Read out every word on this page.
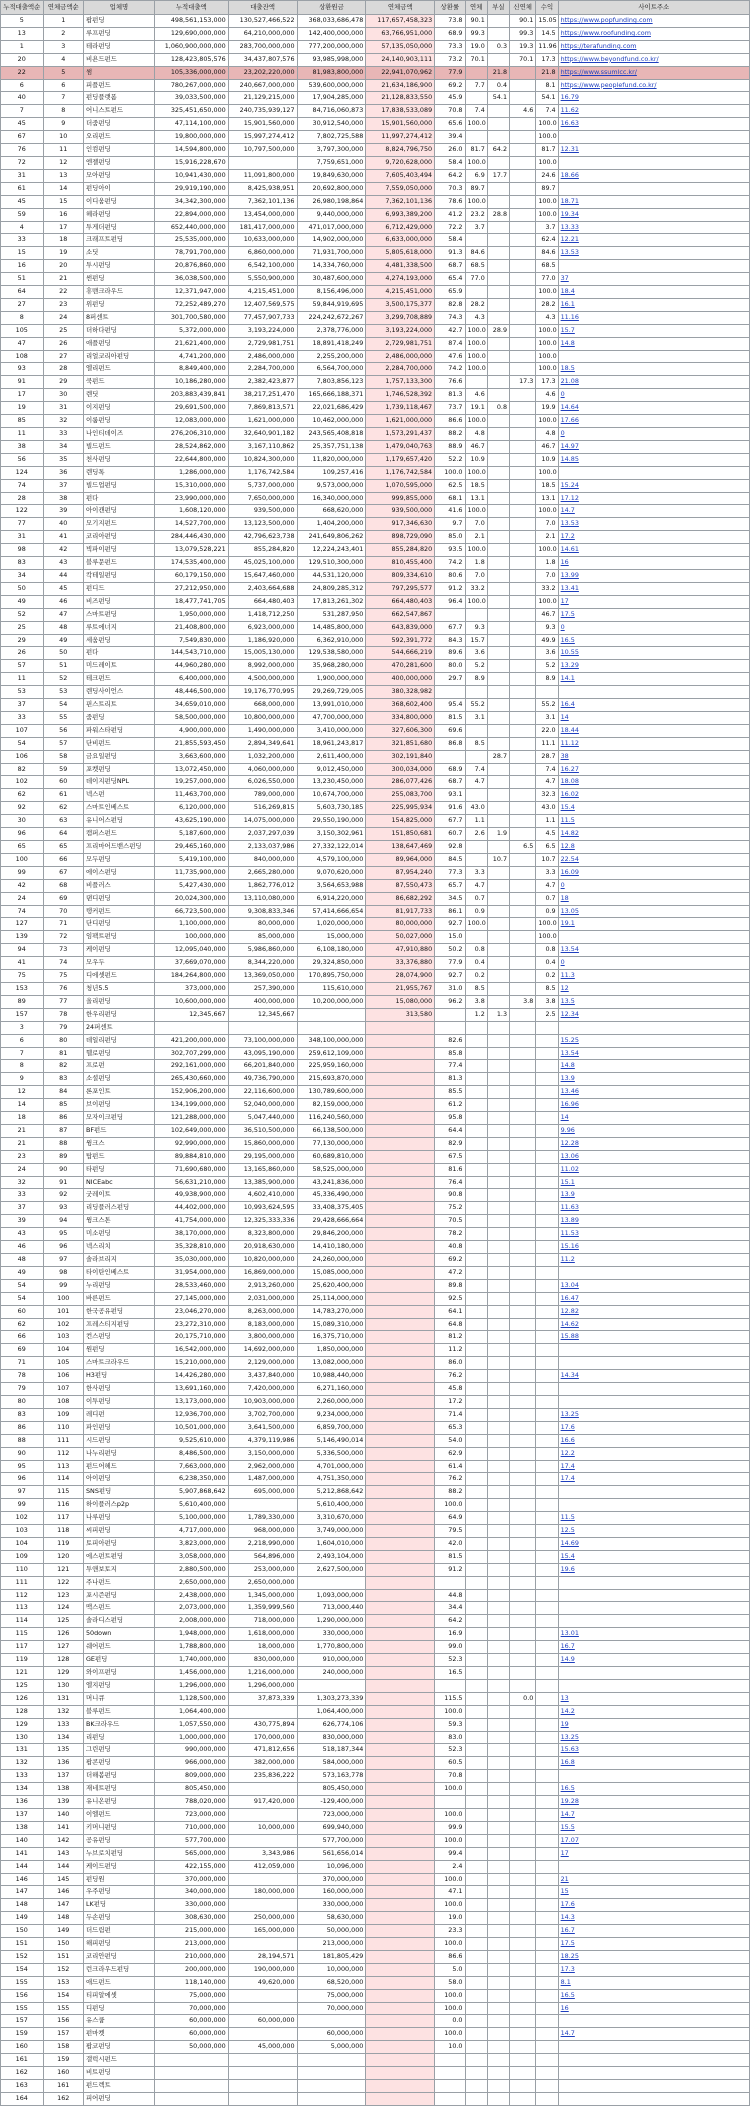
누적대출액순	연체금액순	업체명	누적대출액	대출잔액	상환원금	연체금액	상환률	연체	부실	신연체	수익	사이트주소
5	1	팝펀딩	498,561,153,000	130,527,466,522	368,033,686,478	117,657,458,323	73.8	90.1		90.1	15.05	https://www.popfunding.com
13	2	루프펀딩	129,690,000,000	64,210,000,000	142,400,000,000	63,766,951,000	68.9	99.3		99.3	14.5	https://www.roofunding.com
1	3	테라펀딩	1,060,900,000,000	283,700,000,000	777,200,000,000	57,135,050,000	73.3	19.0	0.3	19.3	11.96	https://terafunding.com
20	4	비욘드펀드	128,423,805,576	34,437,807,576	93,985,998,000	24,140,903,111	73.2	70.1		70.1	17.3	https://www.beyondfund.co.kr/
22	5	썸	105,336,000,000	23,202,220,000	81,983,800,000	22,941,070,962	77.9		21.8		21.8	https://www.ssumlcc.kr/
6	6	피플펀드	780,267,000,000	240,667,000,000	539,600,000,000	21,634,186,900	69.2	7.7	0.4		8.1	https://www.peoplefund.co.kr/
40	7	펀딩플랫폼	39,033,500,000	21,129,215,000	17,904,285,000	21,128,833,550	45.9		54.1		54.1	16.79
7	8	어니스트펀드	325,451,650,000	240,735,939,127	84,716,060,873	17,838,533,089	70.8	7.4		4.6	7.4	11.62
45	9	더줌펀딩	47,114,100,000	15,901,560,000	30,912,540,000	15,901,560,000	65.6	100.0			100.0	16.63
67	10	오리펀드	19,800,000,000	15,997,274,412	7,802,725,588	11,997,274,412	39.4				100.0	
76	11	인컴펀딩	14,594,800,000	10,797,500,000	3,797,300,000	8,824,796,750	26.0	81.7	64.2		81.7	12.31
72	12	엔젤펀딩	15,916,228,670		7,759,651,000	9,720,628,000	58.4	100.0			100.0	
31	13	모아펀딩	10,941,430,000	11,091,800,000	19,849,630,000	7,605,403,494	64.2	6.9	17.7		24.6	18.66
61	14	펀딩아이	29,919,190,000	8,425,938,951	20,692,800,000	7,559,050,000	70.3	89.7			89.7	
45	15	이디움펀딩	34,342,300,000	7,362,101,136	26,980,198,864	7,362,101,136	78.6	100.0			100.0	18.71
59	16	헤라펀딩	22,894,000,000	13,454,000,000	9,440,000,000	6,993,389,200	41.2	23.2	28.8		100.0	19.34
4	17	투게더펀딩	652,440,000,000	181,417,000,000	471,017,000,000	6,712,429,000	72.2	3.7			3.7	13.33
33	18	크래프트펀딩	25,535,000,000	10,633,000,000	14,902,000,000	6,633,000,000	58.4				62.4	12.21
15	19	소딧	78,791,700,000	6,860,000,000	71,931,700,000	5,805,618,000	91.3	84.6			84.6	13.53
16	20	투시펀딩	20,876,860,000	6,542,100,000	14,334,760,000	4,481,338,500	68.7	68.5			68.5	
51	21	썬펀딩	36,038,500,000	5,550,900,000	30,487,600,000	4,274,193,000	65.4	77.0			77.0	37
64	22	휴맨크라우드	12,371,947,000	4,215,451,000	8,156,496,000	4,215,451,000	65.9				100.0	18.4
27	23	위펀딩	72,252,489,270	12,407,569,575	59,844,919,695	3,500,175,377	82.8	28.2			28.2	16.1
8	24	8퍼센트	301,700,580,000	77,457,907,733	224,242,672,267	3,299,708,889	74.3	4.3			4.3	11.16
105	25	더하다펀딩	5,372,000,000	3,193,224,000	2,378,776,000	3,193,224,000	42.7	100.0	28.9		100.0	15.7
47	26	애플펀딩	21,621,400,000	2,729,981,751	18,891,418,249	2,729,981,751	87.4	100.0			100.0	14.8
108	27	리얼코리아펀딩	4,741,200,000	2,486,000,000	2,255,200,000	2,486,000,000	47.6	100.0			100.0	
93	28	엘리펀드	8,849,400,000	2,284,700,000	6,564,700,000	2,284,700,000	74.2	100.0			100.0	18.5
91	29	쿡펀드	10,186,280,000	2,382,423,877	7,803,856,123	1,757,133,300	76.6			17.3	17.3	21.08
17	30	렌딧	203,883,439,841	38,217,251,470	165,666,188,371	1,746,528,392	81.3	4.6			4.6	0
19	31	이지펀딩	29,691,500,000	7,869,813,571	22,021,686,429	1,739,118,467	73.7	19.1	0.8		19.9	14.64
85	32	이룸펀딩	12,083,000,000	1,621,000,000	10,462,000,000	1,621,000,000	86.6	100.0			100.0	17.66
11	33	나인티데이즈	276,206,310,000	32,640,901,182	243,565,408,818	1,573,291,437	88.2	4.8			4.8	0
38	34	빌드펀드	28,524,862,000	3,167,110,862	25,357,751,138	1,479,040,763	88.9	46.7			46.7	14.97
56	35	천사펀딩	22,644,800,000	10,824,300,000	11,820,000,000	1,179,657,420	52.2	10.9			10.9	14.85
124	36	렌딩톡	1,286,000,000	1,176,742,584	109,257,416	1,176,742,584	100.0	100.0			100.0	
74	37	빌드업펀딩	15,310,000,000	5,737,000,000	9,573,000,000	1,070,595,000	62.5	18.5			18.5	15.24
28	38	펀다	23,990,000,000	7,650,000,000	16,340,000,000	999,855,000	68.1	13.1			13.1	17.12
122	39	아이캔펀딩	1,608,120,000	939,500,000	668,620,000	939,500,000	41.6	100.0			100.0	14.7
77	40	모기지펀드	14,527,700,000	13,123,500,000	1,404,200,000	917,346,630	9.7	7.0			7.0	13.53
31	41	코리아펀딩	284,446,430,000	42,796,623,738	241,649,806,262	898,729,090	85.0	2.1			2.1	17.2
98	42	빅파이펀딩	13,079,528,221	855,284,820	12,224,243,401	855,284,820	93.5	100.0			100.0	14.61
83	43	블루문펀드	174,535,400,000	45,025,100,000	129,510,300,000	810,455,400	74.2	1.8			1.8	16
34	44	칵테일펀딩	60,179,150,000	15,647,460,000	44,531,120,000	809,334,610	80.6	7.0			7.0	13.99
50	45	펀디드	27,212,950,000	2,403,664,688	24,809,285,312	797,295,577	91.2	33.2			33.2	13.41
49	46	비즈펀딩	18,477,741,705	664,480,403	17,813,261,302	664,480,403	96.4	100.0			100.0	17
52	47	스마트펀딩	1,950,000,000	1,418,712,250	531,287,950	662,547,867					46.7	17.5
25	48	루트에너지	21,408,800,000	6,923,000,000	14,485,800,000	643,839,000	67.7	9.3			9.3	0
29	49	세움펀딩	7,549,830,000	1,186,920,000	6,362,910,000	592,391,772	84.3	15.7			49.9	16.5
26	50	펀다	144,543,710,000	15,005,130,000	129,538,580,000	544,666,219	89.6	3.6			3.6	10.55
57	51	미드레이트	44,960,280,000	8,992,000,000	35,968,280,000	470,281,600	80.0	5.2			5.2	13.29
11	52	테크펀드	6,400,000,000	4,500,000,000	1,900,000,000	400,000,000	29.7	8.9			8.9	14.1
53	53	렌딩사이언스	48,446,500,000	19,176,770,995	29,269,729,005	380,328,982						
37	54	핀스트리트	34,659,010,000	668,000,000	13,991,010,000	368,602,400	95.4	55.2			55.2	16.4
33	55	줌펀딩	58,500,000,000	10,800,000,000	47,700,000,000	334,800,000	81.5	3.1			3.1	14
107	56	파워스타펀딩	4,900,000,000	1,490,000,000	3,410,000,000	327,606,300	69.6				22.0	18.44
54	57	단비펀드	21,855,593,450	2,894,349,641	18,961,243,817	321,851,680	86.8	8.5			11.1	11.12
106	58	금요일펀딩	3,663,600,000	1,032,200,000	2,611,400,000	302,191,840			28.7		28.7	38
82	59	포켓펀딩	13,072,450,000	4,060,000,000	9,012,450,000	300,034,000	68.9	7.4			7.4	16.27
102	60	데이지펀딩NPL	19,257,000,000	6,026,550,000	13,230,450,000	286,077,426	68.7	4.7			4.7	18.08
62	61	넥스펀	11,463,700,000	789,000,000	10,674,700,000	255,083,700	93.1				32.3	16.02
92	62	스마트인베스트	6,120,000,000	516,269,815	5,603,730,185	225,995,934	91.6	43.0			43.0	15.4
30	63	유니어스펀딩	43,625,190,000	14,075,000,000	29,550,190,000	154,825,000	67.7	1.1			1.1	11.5
96	64	캠퍼스펀드	5,187,600,000	2,037,297,039	3,150,302,961	151,850,681	60.7	2.6	1.9		4.5	14.82
65	65	프리마어드밴스펀딩	29,465,160,000	2,133,037,986	27,332,122,014	138,647,469	92.8			6.5	6.5	12.8
100	66	모두펀딩	5,419,100,000	840,000,000	4,579,100,000	89,964,000	84.5		10.7		10.7	22.54
99	67	에이스펀딩	11,735,900,000	2,665,280,000	9,070,620,000	87,954,240	77.3	3.3			3.3	16.09
42	68	비플러스	5,427,430,000	1,862,776,012	3,564,653,988	87,550,473	65.7	4.7			4.7	0
24	69	댄디펀딩	20,024,300,000	13,110,080,000	6,914,220,000	86,682,292	34.5	0.7			0.7	18
74	70	탱커펀드	66,723,500,000	9,308,833,346	57,414,666,654	81,917,733	86.1	0.9			0.9	13.05
127	71	단디펀딩	1,100,000,000	80,000,000	1,020,000,000	80,000,000	92.7	100.0			100.0	19.1
139	72	임팩트펀딩	100,000,000	85,000,000	15,000,000	50,027,000	15.0				100.0	
94	73	케이펀딩	12,095,040,000	5,986,860,000	6,108,180,000	47,910,880	50.2	0.8			0.8	13.54
41	74	모우두	37,669,070,000	8,344,220,000	29,324,850,000	33,376,880	77.9	0.4			0.4	0
75	75	디에셋펀드	184,264,800,000	13,369,050,000	170,895,750,000	28,074,900	92.7	0.2			0.2	11.3
153	76	청년5.5	373,000,000	257,390,000	115,610,000	21,955,767	31.0	8.5			8.5	12
89	77	올리펀딩	10,600,000,000	400,000,000	10,200,000,000	15,080,000	96.2	3.8		3.8	3.8	13.5
157	78	한우리펀딩	12,345,667	12,345,667		313,580		1.2	1.3		2.5	12.34
3	79	24퍼센트										
6	80	데일리펀딩	421,200,000,000	73,100,000,000	348,100,000,000		82.6					15.25
7	81	헬로펀딩	302,707,299,000	43,095,190,000	259,612,109,000		85.8					13.54
8	82	프로펀	292,161,000,000	66,201,840,000	225,959,160,000		77.4					14.8
9	83	소셜펀딩	265,430,660,000	49,736,790,000	215,693,870,000		81.3					13.9
12	84	론포인트	152,906,200,000	22,116,600,000	130,789,600,000		85.5					13.46
14	85	브이펀딩	134,199,000,000	52,040,000,000	82,159,000,000		61.2					16.96
18	86	모자이크펀딩	121,288,000,000	5,047,440,000	116,240,560,000		95.8					14
21	87	BF펀드	102,649,000,000	36,510,500,000	66,138,500,000		64.4					9.96
21	88	윙크스	92,990,000,000	15,860,000,000	77,130,000,000		82.9					12.28
23	89	탑펀드	89,884,810,000	29,195,000,000	60,689,810,000		67.5					13.06
24	90	타펀딩	71,690,680,000	13,165,860,000	58,525,000,000		81.6					11.02
32	91	NICEabc	56,631,210,000	13,385,900,000	43,241,836,000		76.4					15.1
33	92	굿레이트	49,938,900,000	4,602,410,000	45,336,490,000		90.8					13.9
37	93	리딩플러스펀딩	44,402,000,000	10,993,624,595	33,408,375,405		75.2					11.63
39	94	윙크스톤	41,754,000,000	12,325,333,336	29,428,666,664		70.5					13.89
43	95	미소펀딩	38,170,000,000	8,323,800,000	29,846,200,000		78.2					11.53
46	96	넥스리치	35,328,810,000	20,918,630,000	14,410,180,000		40.8					15.16
48	97	솔라브리지	35,030,000,000	10,820,000,000	24,260,000,000		69.2					11.2
49	98	타이탄인베스트	31,954,000,000	16,869,000,000	15,085,000,000		47.2					
54	99	누리펀딩	28,533,460,000	2,913,260,000	25,620,400,000		89.8					13.04
54	100	바른펀드	27,145,000,000	2,031,000,000	25,114,000,000		92.5					16.47
60	101	한국공유펀딩	23,046,270,000	8,263,000,000	14,783,270,000		64.1					12.82
62	102	프레스티지펀딩	23,272,310,000	8,183,000,000	15,089,310,000		64.8					14.62
66	103	컨스펀딩	20,175,710,000	3,800,000,000	16,375,710,000		81.2					15.88
69	104	원펀딩	16,542,000,000	14,692,000,000	1,850,000,000		11.2					
71	105	스마트크라우드	15,210,000,000	2,129,000,000	13,082,000,000		86.0					
78	106	H3펀딩	14,426,280,000	3,437,840,000	10,988,440,000		76.2					14.34
79	107	한사펀딩	13,691,160,000	7,420,000,000	6,271,160,000		45.8					
80	108	이투펀딩	13,173,000,000	10,903,000,000	2,260,000,000		17.2					
83	109	레디펀	12,936,700,000	3,702,700,000	9,234,000,000		71.4					13.25
86	110	파인펀딩	10,501,000,000	3,641,500,000	6,859,700,000		65.3					17.6
88	111	시드펀딩	9,525,610,000	4,379,119,986	5,146,490,014		54.0					16.6
90	112	나누리펀딩	8,486,500,000	3,150,000,000	5,336,500,000		62.9					12.2
95	113	펀드어헤드	7,663,000,000	2,962,000,000	4,701,000,000		61.4					17.4
96	114	아이펀딩	6,238,350,000	1,487,000,000	4,751,350,000		76.2					17.4
97	115	SNS펀딩	5,907,868,642	695,000,000	5,212,868,642		88.2					
99	116	하이플러스p2p	5,610,400,000		5,610,400,000		100.0					
102	117	나루펀딩	5,100,000,000	1,789,330,000	3,310,670,000		64.9					11.5
103	118	씨피펀딩	4,717,000,000	968,000,000	3,749,000,000		79.5					12.5
104	119	토피아펀딩	3,823,000,000	2,218,990,000	1,604,010,000		42.0					14.69
109	120	에스펀트펀딩	3,058,000,000	564,896,000	2,493,104,000		81.5					15.4
110	121	투앤보토지	2,880,500,000	253,000,000	2,627,500,000		91.2					19.6
111	122	주나펀드	2,650,000,000	2,650,000,000								
112	123	포시즌펀딩	2,438,000,000	1,345,000,000	1,093,000,000		44.8					
113	124	맥스펀드	2,073,000,000	1,359,999,560	713,000,440		34.4					
114	125	솔라디스펀딩	2,008,000,000	718,000,000	1,290,000,000		64.2					
115	126	50down	1,948,000,000	1,618,000,000	330,000,000		16.9					13.01
117	127	쉐어펀드	1,788,800,000	18,000,000	1,770,800,000		99.0					16.7
119	128	GE펀딩	1,740,000,000	830,000,000	910,000,000		52.3					14.9
121	129	와이프펀딩	1,456,000,000	1,216,000,000	240,000,000		16.5					
125	130	엘지펀딩	1,296,000,000	1,296,000,000								
126	131	머니큐	1,128,500,000	37,873,339	1,303,273,339		115.5			0.0		13
128	132	블루펀드	1,064,400,000		1,064,400,000		100.0					14.2
129	133	BK크라우드	1,057,550,000	430,775,894	626,774,106		59.3					19
130	134	리펀딩	1,000,000,000	170,000,000	830,000,000		83.0					13.25
131	135	그린펀딩	990,000,000	471,812,656	518,187,344		52.3					15.63
132	136	팝콘펀딩	966,000,000	382,000,000	584,000,000		60.5					16.8
133	137	더해봄펀딩	809,000,000	235,836,222	573,163,778		70.8					
134	138	재네트펀딩	805,450,000		805,450,000		100.0					16.5
136	139	유니온펀딩	788,020,000	917,420,000	-129,400,000							19.28
137	140	이엘펀드	723,000,000		723,000,000		100.0					14.7
138	141	키머니펀딩	710,000,000	10,000,000	699,940,000		99.9					15.5
140	142	공유펀딩	577,700,000		577,700,000		100.0					17.07
141	143	누브로치펀딩	565,000,000	3,343,986	561,656,014		99.4					17
144	144	케이드펀딩	422,155,000	412,059,000	10,096,000		2.4					
146	145	펀딩원	370,000,000		370,000,000		100.0					21
147	146	우주펀딩	340,000,000	180,000,000	160,000,000		47.1					15
148	147	LK펀딩	330,000,000		330,000,000		100.0					17.6
149	148	두손펀딩	308,630,000	250,000,000	58,630,000		19.0					14.3
150	149	더드림펀	215,000,000	165,000,000	50,000,000		23.3					16.7
151	150	해피펀딩	213,000,000		213,000,000		100.0					17.5
152	151	코리안펀딩	210,000,000	28,194,571	181,805,429		86.6					18.25
154	152	런크라우드펀딩	200,000,000	190,000,000	10,000,000		5.0					17.3
155	153	애드펀드	118,140,000	49,620,000	68,520,000		58.0					8.1
156	154	티피알에셋	75,000,000		75,000,000		100.0					16.5
155	155	디펀딩	70,000,000		70,000,000		100.0					16
157	156	유스쿱	60,000,000	60,000,000			0.0					
159	157	펀마켓	60,000,000		60,000,000		100.0					14.7
160	158	팝코펀딩	50,000,000	45,000,000	5,000,000		10.0					
161	159	갤럭시펀드										
162	160	비트펀딩										
163	161	펀드렉트										
164	162	피어펀딩										
